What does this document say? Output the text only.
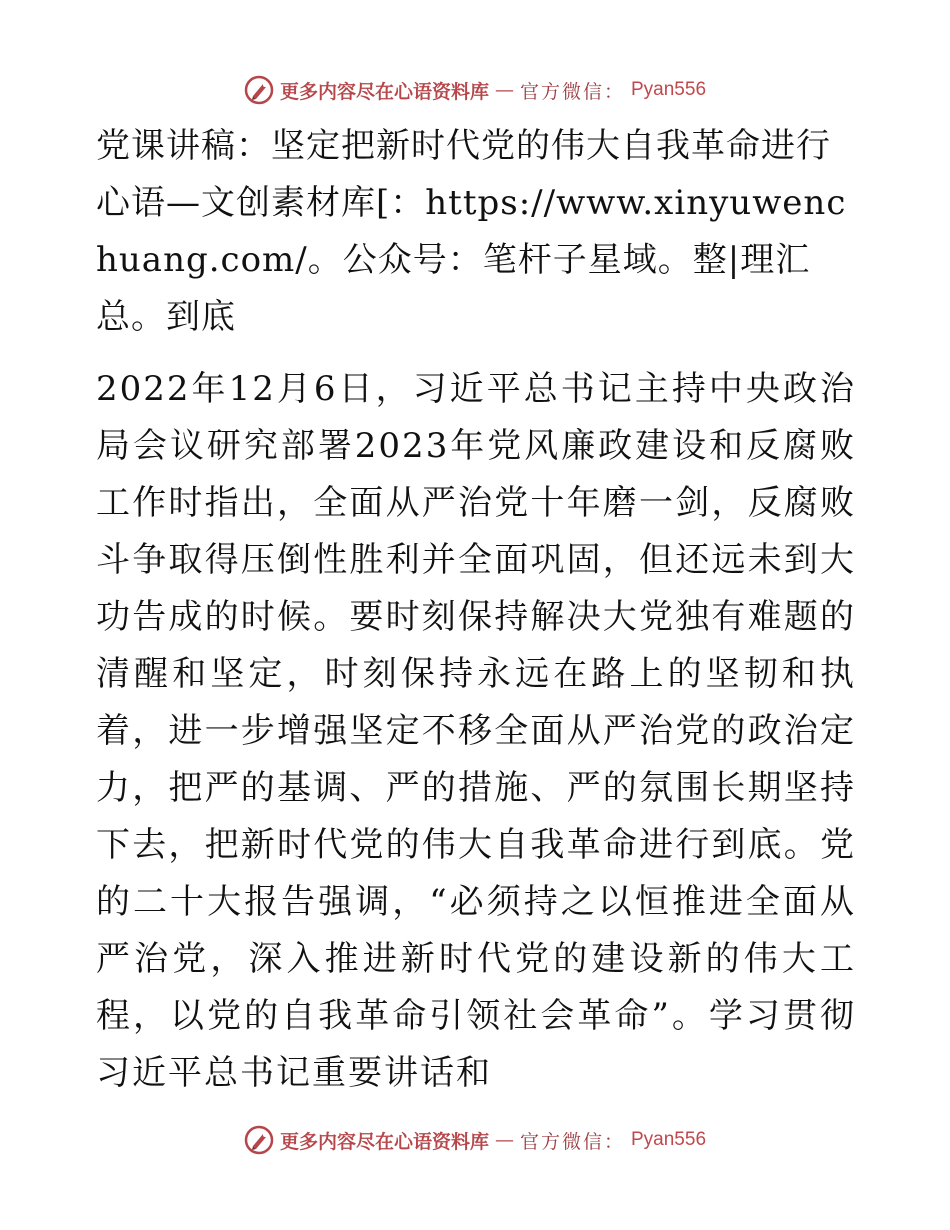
更多内容尽在心语资料库 — 官方微信： Pyan556

党课讲稿：坚定把新时代党的伟大自我革命进行心语—文创素材库[：https://www.xinyuwenchuang.com/。公众号：笔杆子星域。整|理汇总。到底

2022年12月6日，习近平总书记主持中央政治局会议研究部署2023年党风廉政建设和反腐败工作时指出，全面从严治党十年磨一剑，反腐败斗争取得压倒性胜利并全面巩固，但还远未到大功告成的时候。要时刻保持解决大党独有难题的清醒和坚定，时刻保持永远在路上的坚韧和执着，进一步增强坚定不移全面从严治党的政治定力，把严的基调、严的措施、严的氛围长期坚持下去，把新时代党的伟大自我革命进行到底。党的二十大报告强调，“必须持之以恒推进全面从严治党，深入推进新时代党的建设新的伟大工程，以党的自我革命引领社会革命”。学习贯彻习近平总书记重要讲话和

更多内容尽在心语资料库 — 官方微信： Pyan556
